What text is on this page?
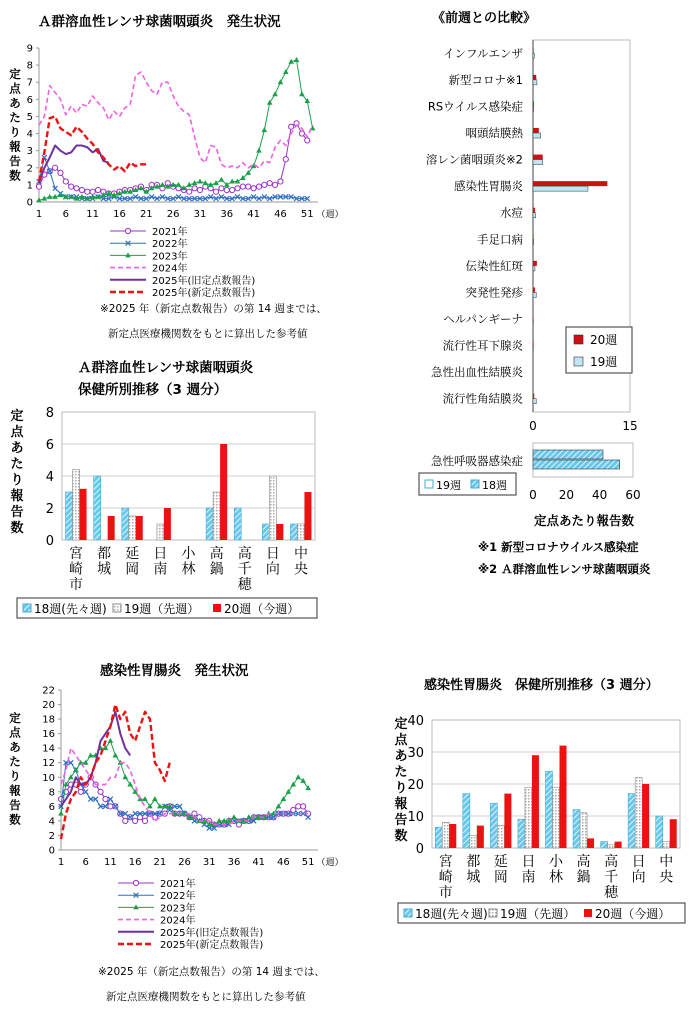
Ａ群溶血性レンサ球菌咽頭炎　発生状況
0
1
2
3
4
5
6
7
8
9
1 6 11 16 21 26 31 36 41 46 51 （週）
定
点
あ
た
り
報
告
数
2021年
2022年
2023年
2024年
2025年(旧定点数報告)
2025年(新定点数報告)
※2025 年（新定点数報告）の第 14 週までは、
新定点医療機関数をもとに算出した参考値
《前週との比較》
インフルエンザ
新型コロナ※1
RSウイルス感染症
咽頭結膜熱
溶レン菌咽頭炎※2
感染性胃腸炎
水痘
手足口病
伝染性紅斑
突発性発疹
ヘルパンギーナ
流行性耳下腺炎
急性出血性結膜炎
流行性角結膜炎
0	15
20週
19週
急性呼吸器感染症
0 20 40 60
19週 18週
定点あたり報告数
※1 新型コロナウイルス感染症
※2 Ａ群溶血性レンサ球菌咽頭炎
Ａ群溶血性レンサ球菌咽頭炎
保健所別推移（3 週分）
0
2
4
6
8
定
点
あ
た
り
報
告
数
宮
崎
市
都
城
延
岡
日
南
小
林
高
鍋
高
千
穂
日
向
中
央
18週(先々週) 19週（先週） 20週（今週）
感染性胃腸炎　発生状況
0
2
4
6
8
10
12
14
16
18
20
22
1 6 11 16 21 26 31 36 41 46 51 （週）
定
点
あ
た
り
報
告
数
2021年
2022年
2023年
2024年
2025年(旧定点数報告)
2025年(新定点数報告)
※2025 年（新定点数報告）の第 14 週までは、
新定点医療機関数をもとに算出した参考値
感染性胃腸炎　保健所別推移（3 週分）
0
10
20
30
40
定
点
あ
た
り
報
告
数
宮
崎
市
都
城
延
岡
日
南
小
林
高
鍋
高
千
穂
日
向
中
央
18週(先々週) 19週（先週） 20週（今週）
